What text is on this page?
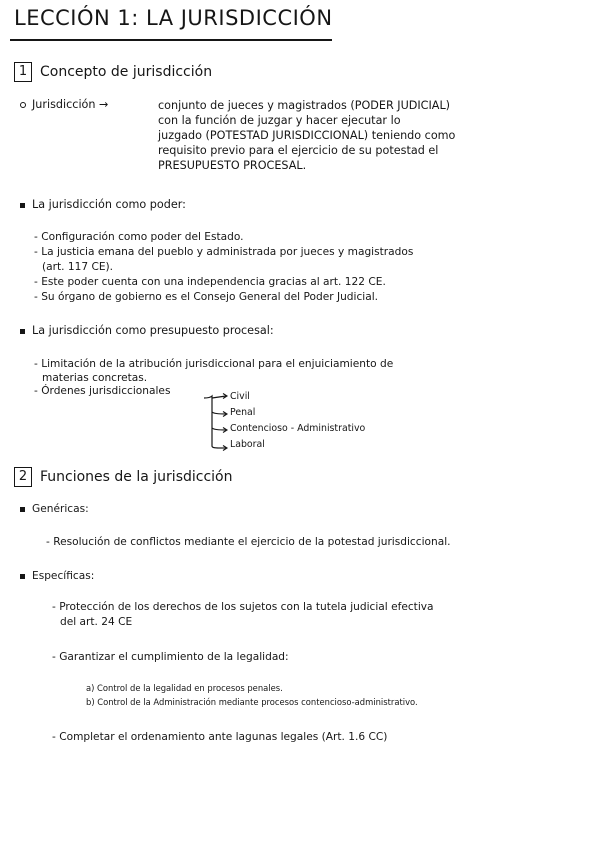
LECCIÓN 1: LA JURISDICCIÓN
1 Concepto de jurisdicción
Jurisdicción →	conjunto de jueces y magistrados (PODER JUDICIAL)
con la función de juzgar y hacer ejecutar lo
juzgado (POTESTAD JURISDICCIONAL) teniendo como
requisito previo para el ejercicio de su potestad el
PRESUPUESTO PROCESAL.
La jurisdicción como poder:
- Configuración como poder del Estado.
- La justicia emana del pueblo y administrada por jueces y magistrados
(art. 117 CE).
- Este poder cuenta con una independencia gracias al art. 122 CE.
- Su órgano de gobierno es el Consejo General del Poder Judicial.
La jurisdicción como presupuesto procesal:
- Limitación de la atribución jurisdiccional para el enjuiciamiento de
materias concretas.
- Órdenes jurisdiccionales	Civil
Penal
Contencioso - Administrativo
Laboral
2 Funciones de la jurisdicción
Genéricas:
- Resolución de conflictos mediante el ejercicio de la potestad jurisdiccional.
Específicas:
- Protección de los derechos de los sujetos con la tutela judicial efectiva
del art. 24 CE
- Garantizar el cumplimiento de la legalidad:
a) Control de la legalidad en procesos penales.
b) Control de la Administración mediante procesos contencioso-administrativo.
- Completar el ordenamiento ante lagunas legales (Art. 1.6 CC)
